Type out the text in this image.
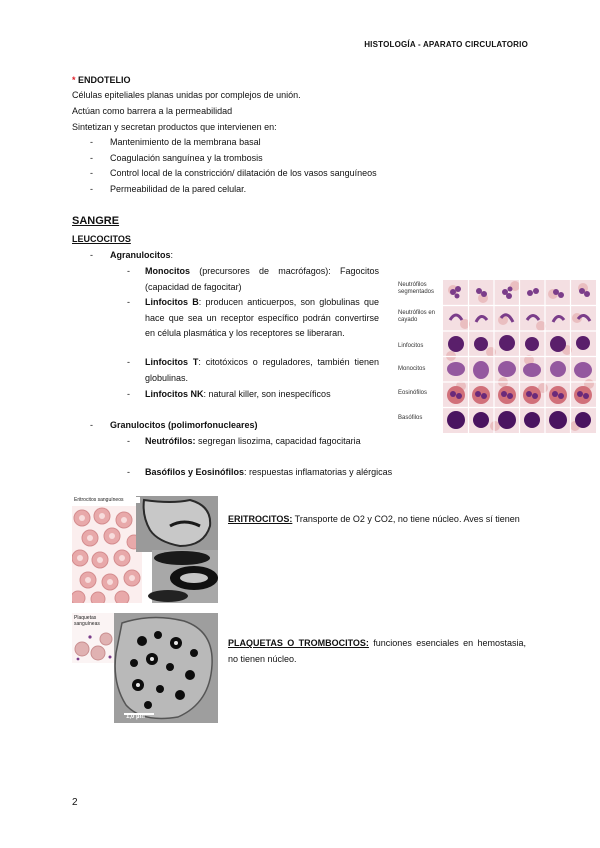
HISTOLOGÍA - APARATO CIRCULATORIO
* ENDOTELIO
Células epiteliales planas unidas por complejos de unión.
Actúan como barrera a la permeabilidad
Sintetizan y secretan productos que intervienen en:
- Mantenimiento de la membrana basal
- Coagulación sanguínea y la trombosis
- Control local de la constricción/ dilatación de los vasos sanguíneos
- Permeabilidad de la pared celular.
SANGRE
LEUCOCITOS
- Agranulocitos:
- Monocitos (precursores de macrófagos): Fagocitos (capacidad de fagocitar)
- Linfocitos B: producen anticuerpos, son globulinas que hace que sea un receptor específico podrán convertirse en célula plasmática y los receptores se liberaran.
- Linfocitos T: citotóxicos o reguladores, también tienen globulinas.
- Linfocitos NK: natural killer, son inespecíficos
- Granulocitos (polimorfonucleares)
- Neutrófilos: segregan lisozima, capacidad fagocitaria
- Basófilos y Eosinófilos: respuestas inflamatorias y alérgicas
Neutrófilos segmentados
Neutrófilos en cayado
Linfocitos
Monocitos
Eosinófilos
Basófilos
Eritrocitos sanguíneos
ERITROCITOS: Transporte de O2 y CO2, no tiene núcleo. Aves sí tienen
Plaquetas sanguíneas
1,0 µm
PLAQUETAS O TROMBOCITOS: funciones esenciales en hemostasia, no tienen núcleo.
2
